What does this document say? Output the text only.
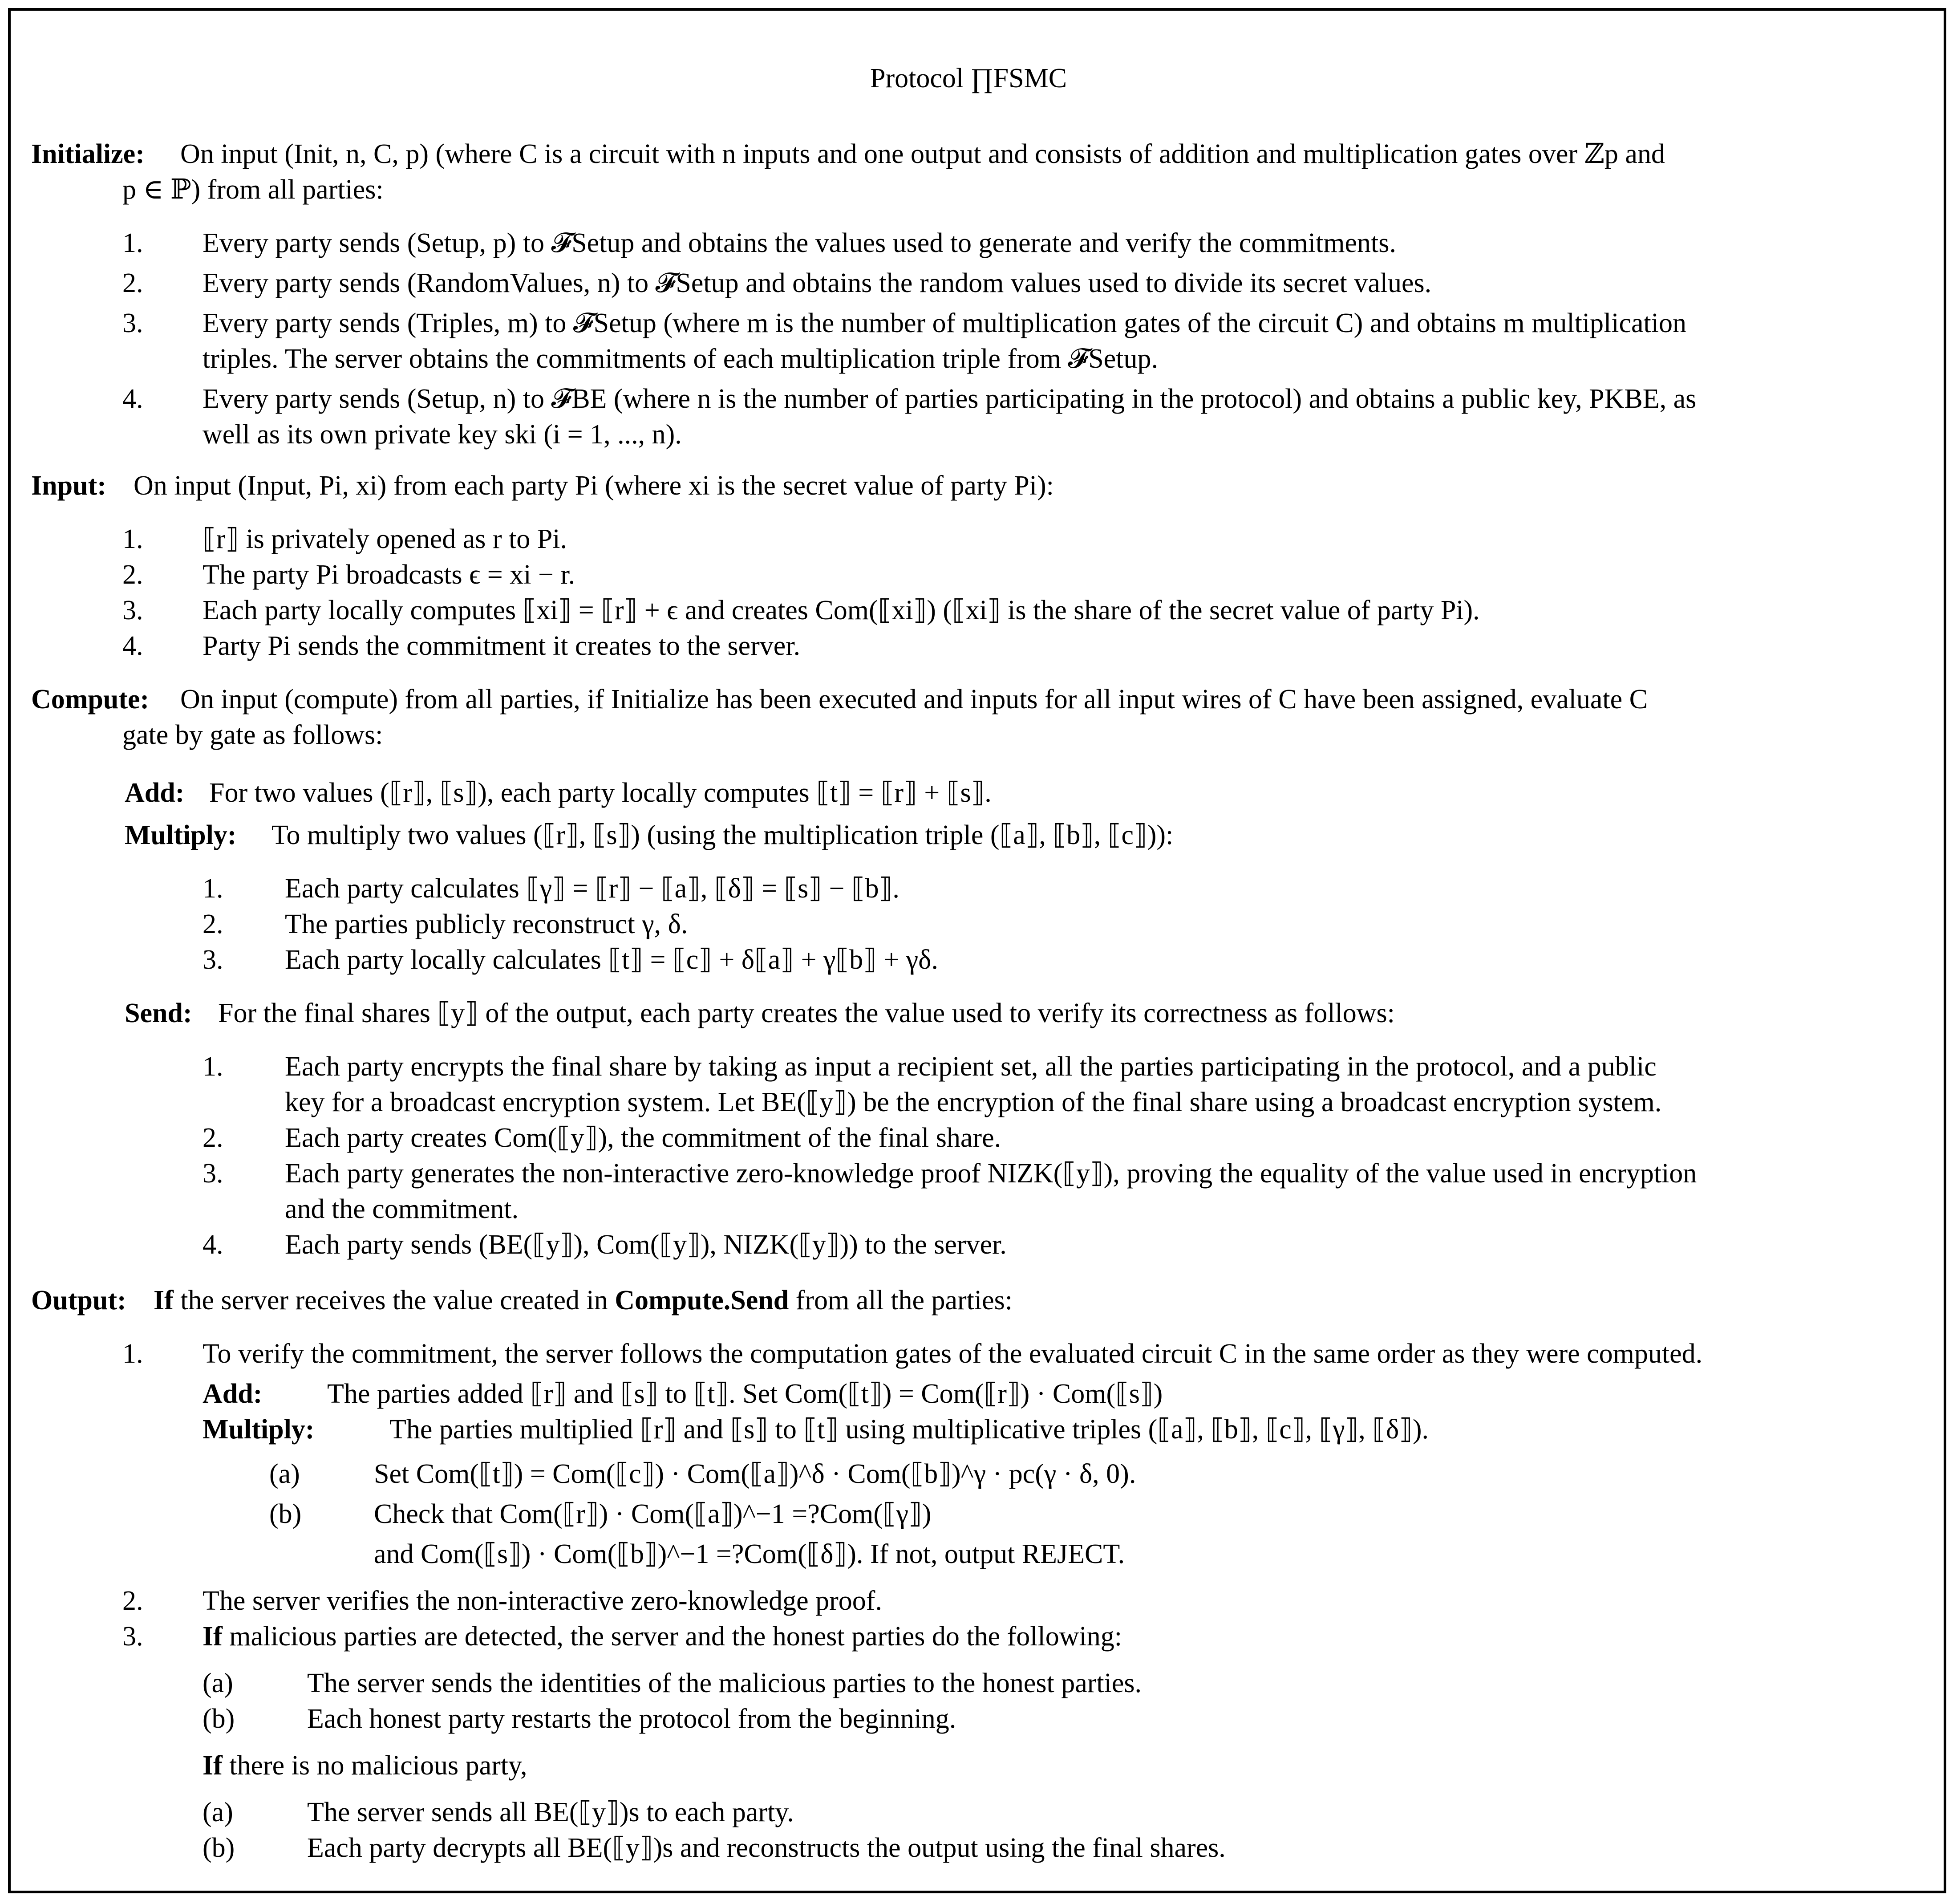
Protocol ∏FSMC
Initialize: On input (Init, n, C, p) (where C is a circuit with n inputs and one output and consists of addition and multiplication gates over ℤp and
p ∈ ℙ) from all parties:
1. Every party sends (Setup, p) to 𝓕Setup and obtains the values used to generate and verify the commitments.
2. Every party sends (RandomValues, n) to 𝓕Setup and obtains the random values used to divide its secret values.
3. Every party sends (Triples, m) to 𝓕Setup (where m is the number of multiplication gates of the circuit C) and obtains m multiplication
triples. The server obtains the commitments of each multiplication triple from 𝓕Setup.
4. Every party sends (Setup, n) to 𝓕BE (where n is the number of parties participating in the protocol) and obtains a public key, PKBE, as
well as its own private key ski (i = 1, ..., n).
Input: On input (Input, Pi, xi) from each party Pi (where xi is the secret value of party Pi):
1. ⟦r⟧ is privately opened as r to Pi.
2. The party Pi broadcasts ϵ = xi − r.
3. Each party locally computes ⟦xi⟧ = ⟦r⟧ + ϵ and creates Com(⟦xi⟧) (⟦xi⟧ is the share of the secret value of party Pi).
4. Party Pi sends the commitment it creates to the server.
Compute: On input (compute) from all parties, if Initialize has been executed and inputs for all input wires of C have been assigned, evaluate C
gate by gate as follows:
Add: For two values (⟦r⟧, ⟦s⟧), each party locally computes ⟦t⟧ = ⟦r⟧ + ⟦s⟧.
Multiply: To multiply two values (⟦r⟧, ⟦s⟧) (using the multiplication triple (⟦a⟧, ⟦b⟧, ⟦c⟧)):
1. Each party calculates ⟦γ⟧ = ⟦r⟧ − ⟦a⟧, ⟦δ⟧ = ⟦s⟧ − ⟦b⟧.
2. The parties publicly reconstruct γ, δ.
3. Each party locally calculates ⟦t⟧ = ⟦c⟧ + δ⟦a⟧ + γ⟦b⟧ + γδ.
Send: For the final shares ⟦y⟧ of the output, each party creates the value used to verify its correctness as follows:
1. Each party encrypts the final share by taking as input a recipient set, all the parties participating in the protocol, and a public
key for a broadcast encryption system. Let BE(⟦y⟧) be the encryption of the final share using a broadcast encryption system.
2. Each party creates Com(⟦y⟧), the commitment of the final share.
3. Each party generates the non-interactive zero-knowledge proof NIZK(⟦y⟧), proving the equality of the value used in encryption
and the commitment.
4. Each party sends (BE(⟦y⟧), Com(⟦y⟧), NIZK(⟦y⟧)) to the server.
Output: If the server receives the value created in Compute.Send from all the parties:
1. To verify the commitment, the server follows the computation gates of the evaluated circuit C in the same order as they were computed.
Add: The parties added ⟦r⟧ and ⟦s⟧ to ⟦t⟧. Set Com(⟦t⟧) = Com(⟦r⟧) · Com(⟦s⟧)
Multiply:	The parties multiplied ⟦r⟧ and ⟦s⟧ to ⟦t⟧ using multiplicative triples (⟦a⟧, ⟦b⟧, ⟦c⟧, ⟦γ⟧, ⟦δ⟧).
(a)	Set Com(⟦t⟧) = Com(⟦c⟧) · Com(⟦a⟧)^δ · Com(⟦b⟧)^γ · pc(γ · δ, 0).
(b)	Check that Com(⟦r⟧) · Com(⟦a⟧)^−1 =?Com(⟦γ⟧)
and Com(⟦s⟧) · Com(⟦b⟧)^−1 =?Com(⟦δ⟧). If not, output REJECT.
2. The server verifies the non-interactive zero-knowledge proof.
3. If malicious parties are detected, the server and the honest parties do the following:
(a)	The server sends the identities of the malicious parties to the honest parties.
(b)	Each honest party restarts the protocol from the beginning.
If there is no malicious party,
(a)	The server sends all BE(⟦y⟧)s to each party.
(b)	Each party decrypts all BE(⟦y⟧)s and reconstructs the output using the final shares.
